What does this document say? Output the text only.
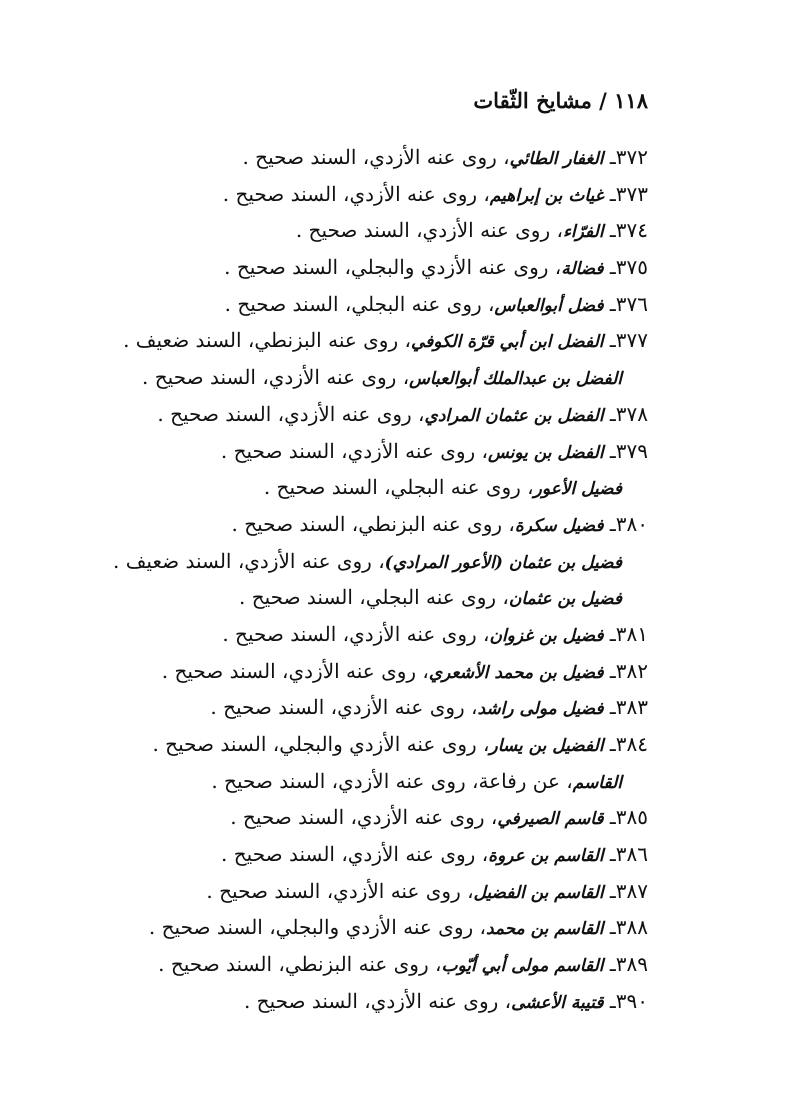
١١٨ / مشايخ الثّقات
٣٧٢ـ الغفار الطائي، روى عنه الأزدي، السند صحيح .
٣٧٣ـ غياث بن إبراهيم، روى عنه الأزدي، السند صحيح .
٣٧٤ـ الفرّاء، روى عنه الأزدي، السند صحيح .
٣٧٥ـ فضالة، روى عنه الأزدي والبجلي، السند صحيح .
٣٧٦ـ فضل أبوالعباس، روى عنه البجلي، السند صحيح .
٣٧٧ـ الفضل ابن أبي قرّة الكوفي، روى عنه البزنطي، السند ضعيف .
الفضل بن عبدالملك أبوالعباس، روى عنه الأزدي، السند صحيح .
٣٧٨ـ الفضل بن عثمان المرادي، روى عنه الأزدي، السند صحيح .
٣٧٩ـ الفضل بن يونس، روى عنه الأزدي، السند صحيح .
فضيل الأعور، روى عنه البجلي، السند صحيح .
٣٨٠ـ فضيل سكرة، روى عنه البزنطي، السند صحيح .
فضيل بن عثمان (الأعور المرادي)، روى عنه الأزدي، السند ضعيف .
فضيل بن عثمان، روى عنه البجلي، السند صحيح .
٣٨١ـ فضيل بن غزوان، روى عنه الأزدي، السند صحيح .
٣٨٢ـ فضيل بن محمد الأشعري، روى عنه الأزدي، السند صحيح .
٣٨٣ـ فضيل مولى راشد، روى عنه الأزدي، السند صحيح .
٣٨٤ـ الفضيل بن يسار، روى عنه الأزدي والبجلي، السند صحيح .
القاسم، عن رفاعة، روى عنه الأزدي، السند صحيح .
٣٨٥ـ قاسم الصيرفي، روى عنه الأزدي، السند صحيح .
٣٨٦ـ القاسم بن عروة، روى عنه الأزدي، السند صحيح .
٣٨٧ـ القاسم بن الفضيل، روى عنه الأزدي، السند صحيح .
٣٨٨ـ القاسم بن محمد، روى عنه الأزدي والبجلي، السند صحيح .
٣٨٩ـ القاسم مولى أبي أيّوب، روى عنه البزنطي، السند صحيح .
٣٩٠ـ قتيبة الأعشى، روى عنه الأزدي، السند صحيح .
